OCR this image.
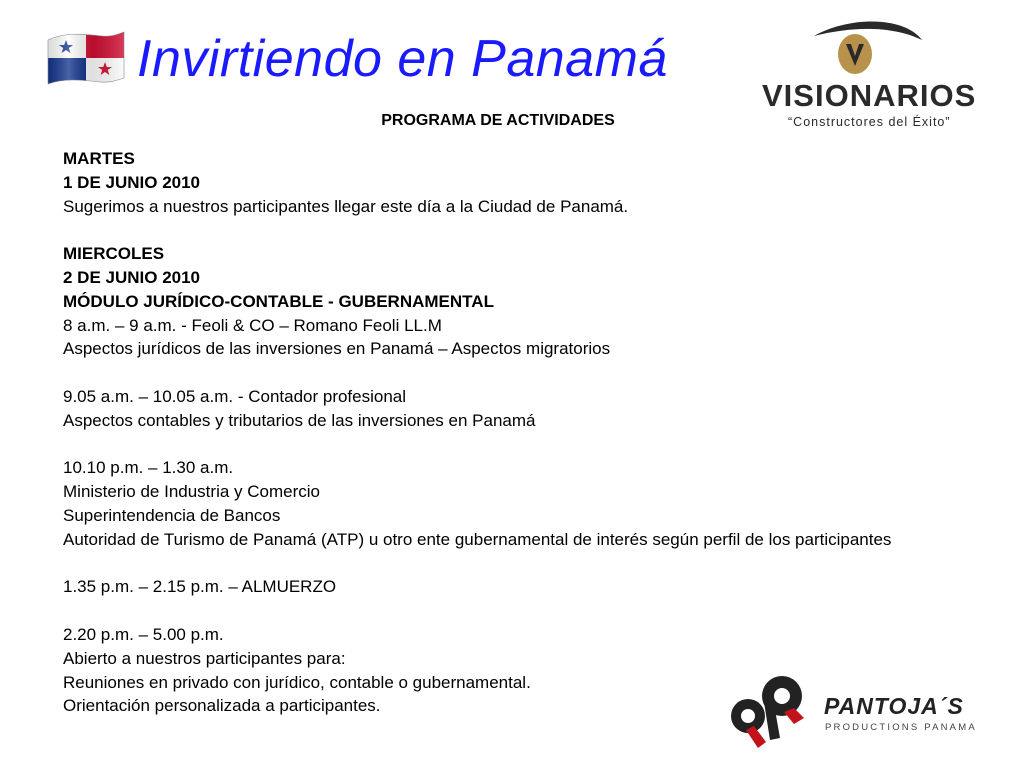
Invirtiendo en Panamá
VISIONARIOS
“Constructores del Éxito”
PROGRAMA DE ACTIVIDADES
MARTES
1 DE JUNIO 2010
Sugerimos a nuestros participantes llegar este día a la Ciudad de Panamá.
MIERCOLES
2 DE JUNIO 2010
MÓDULO JURÍDICO-CONTABLE - GUBERNAMENTAL
8 a.m. – 9 a.m. - Feoli & CO – Romano Feoli LL.M
Aspectos jurídicos de las inversiones en Panamá – Aspectos migratorios
9.05 a.m. – 10.05 a.m. - Contador profesional
Aspectos contables y tributarios de las inversiones en Panamá
10.10 p.m. – 1.30 a.m.
Ministerio de Industria y Comercio
Superintendencia de Bancos
Autoridad de Turismo de Panamá (ATP) u otro ente gubernamental de interés según perfil de los participantes
1.35 p.m. – 2.15 p.m. – ALMUERZO
2.20 p.m. – 5.00 p.m.
Abierto a nuestros participantes para:
Reuniones en privado con jurídico, contable o gubernamental.
Orientación personalizada a participantes.	PANTOJA´S
PRODUCTIONS PANAMA
